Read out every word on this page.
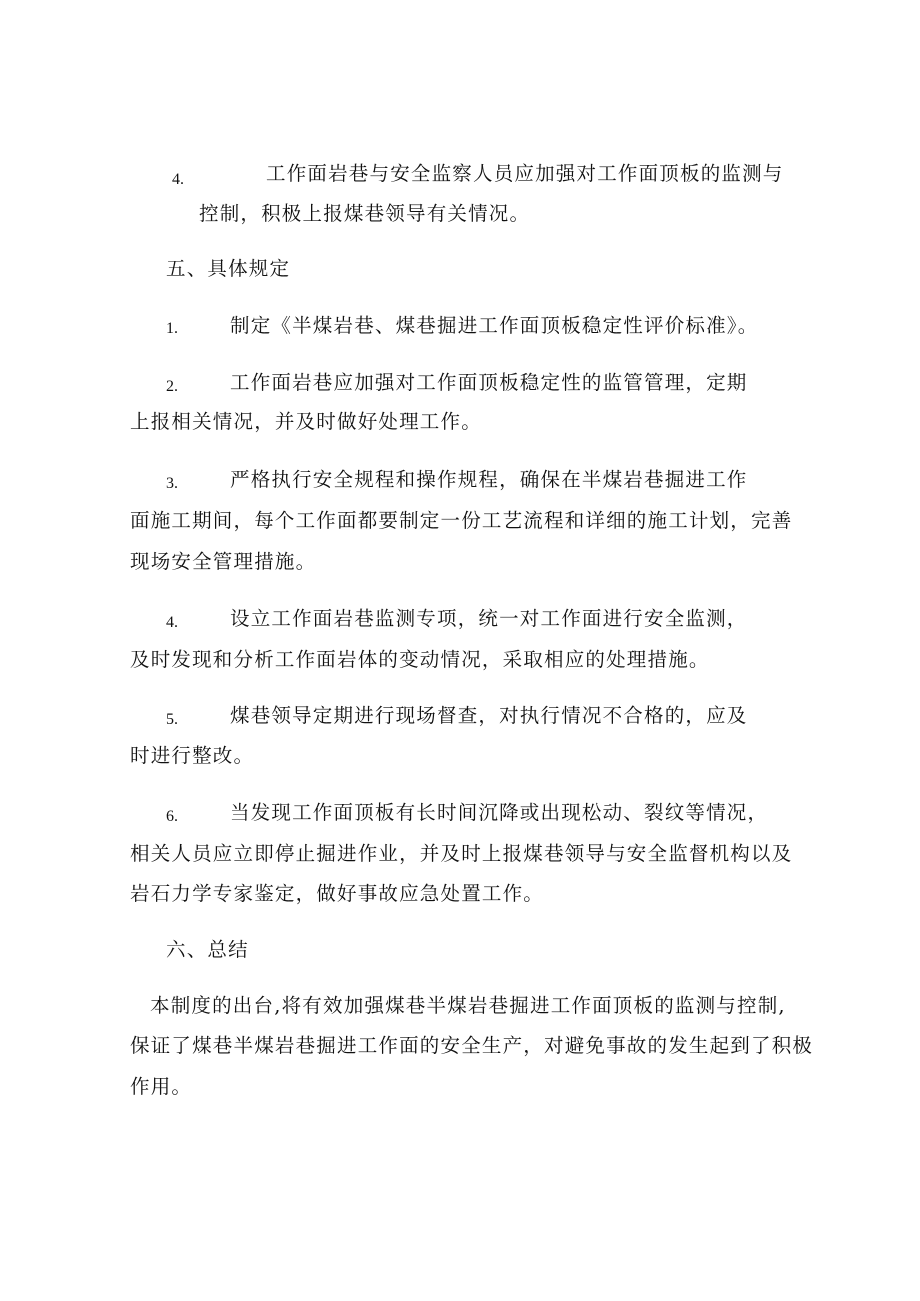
4.	工作面岩巷与安全监察人员应加强对工作面顶板的监测与
控制，积极上报煤巷领导有关情况。
五、具体规定
1.	制定《半煤岩巷、煤巷掘进工作面顶板稳定性评价标准》。
2.	工作面岩巷应加强对工作面顶板稳定性的监管管理，定期
上报相关情况，并及时做好处理工作。
3.	严格执行安全规程和操作规程，确保在半煤岩巷掘进工作
面施工期间，每个工作面都要制定一份工艺流程和详细的施工计划，完善
现场安全管理措施。
4.	设立工作面岩巷监测专项，统一对工作面进行安全监测，
及时发现和分析工作面岩体的变动情况，采取相应的处理措施。
5.	煤巷领导定期进行现场督查，对执行情况不合格的，应及
时进行整改。
6.	当发现工作面顶板有长时间沉降或出现松动、裂纹等情况，
相关人员应立即停止掘进作业，并及时上报煤巷领导与安全监督机构以及
岩石力学专家鉴定，做好事故应急处置工作。
六、总结
本制度的出台,将有效加强煤巷半煤岩巷掘进工作面顶板的监测与控制,
保证了煤巷半煤岩巷掘进工作面的安全生产，对避免事故的发生起到了积极
作用。
